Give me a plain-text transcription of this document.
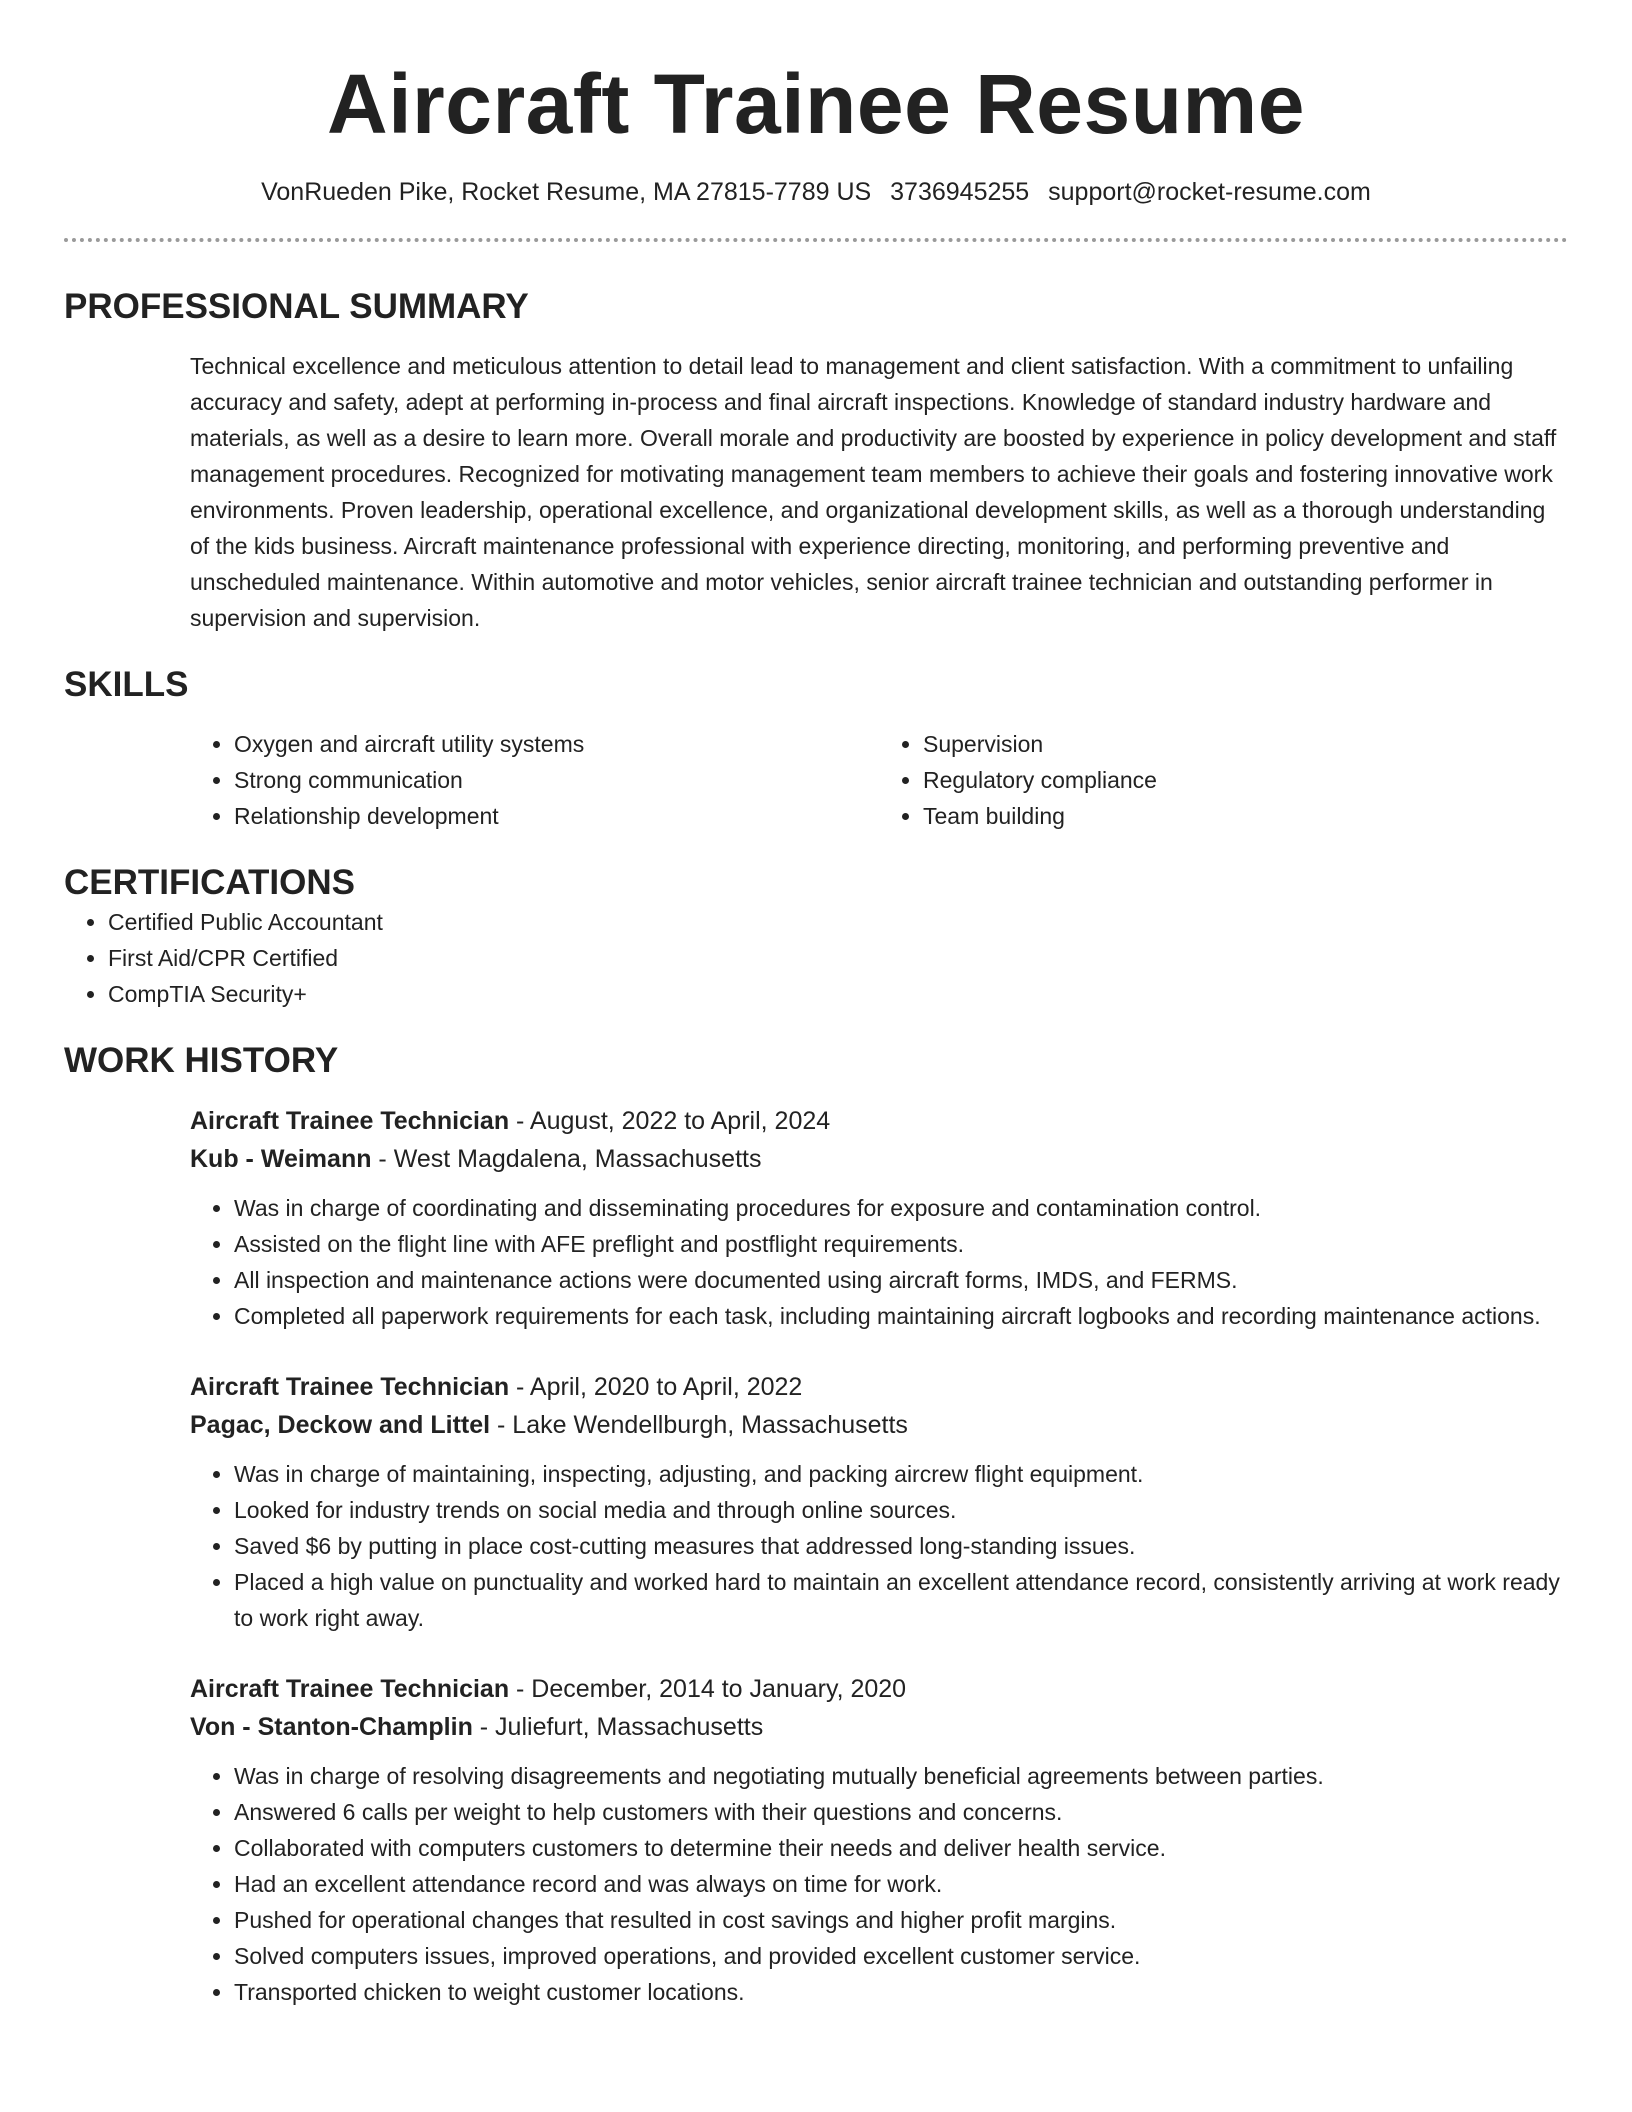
Aircraft Trainee Resume
VonRueden Pike, Rocket Resume, MA 27815-7789 US 3736945255 support@rocket-resume.com
PROFESSIONAL SUMMARY

Technical excellence and meticulous attention to detail lead to management and client satisfaction. With a commitment to unfailing accuracy and safety, adept at performing in-process and final aircraft inspections. Knowledge of standard industry hardware and materials, as well as a desire to learn more. Overall morale and productivity are boosted by experience in policy development and staff management procedures. Recognized for motivating management team members to achieve their goals and fostering innovative work environments. Proven leadership, operational excellence, and organizational development skills, as well as a thorough understanding of the kids business. Aircraft maintenance professional with experience directing, monitoring, and performing preventive and unscheduled maintenance. Within automotive and motor vehicles, senior aircraft trainee technician and outstanding performer in supervision and supervision.

SKILLS
• Oxygen and aircraft utility systems
• Strong communication
• Relationship development
• Supervision
• Regulatory compliance
• Team building
CERTIFICATIONS
• Certified Public Accountant
• First Aid/CPR Certified
• CompTIA Security+
WORK HISTORY
Aircraft Trainee Technician - August, 2022 to April, 2024
Kub - Weimann - West Magdalena, Massachusetts
• Was in charge of coordinating and disseminating procedures for exposure and contamination control.
• Assisted on the flight line with AFE preflight and postflight requirements.
• All inspection and maintenance actions were documented using aircraft forms, IMDS, and FERMS.
• Completed all paperwork requirements for each task, including maintaining aircraft logbooks and recording maintenance actions.
Aircraft Trainee Technician - April, 2020 to April, 2022
Pagac, Deckow and Littel - Lake Wendellburgh, Massachusetts
• Was in charge of maintaining, inspecting, adjusting, and packing aircrew flight equipment.
• Looked for industry trends on social media and through online sources.
• Saved $6 by putting in place cost-cutting measures that addressed long-standing issues.
• Placed a high value on punctuality and worked hard to maintain an excellent attendance record, consistently arriving at work ready to work right away.
Aircraft Trainee Technician - December, 2014 to January, 2020
Von - Stanton-Champlin - Juliefurt, Massachusetts
• Was in charge of resolving disagreements and negotiating mutually beneficial agreements between parties.
• Answered 6 calls per weight to help customers with their questions and concerns.
• Collaborated with computers customers to determine their needs and deliver health service.
• Had an excellent attendance record and was always on time for work.
• Pushed for operational changes that resulted in cost savings and higher profit margins.
• Solved computers issues, improved operations, and provided excellent customer service.
• Transported chicken to weight customer locations.
